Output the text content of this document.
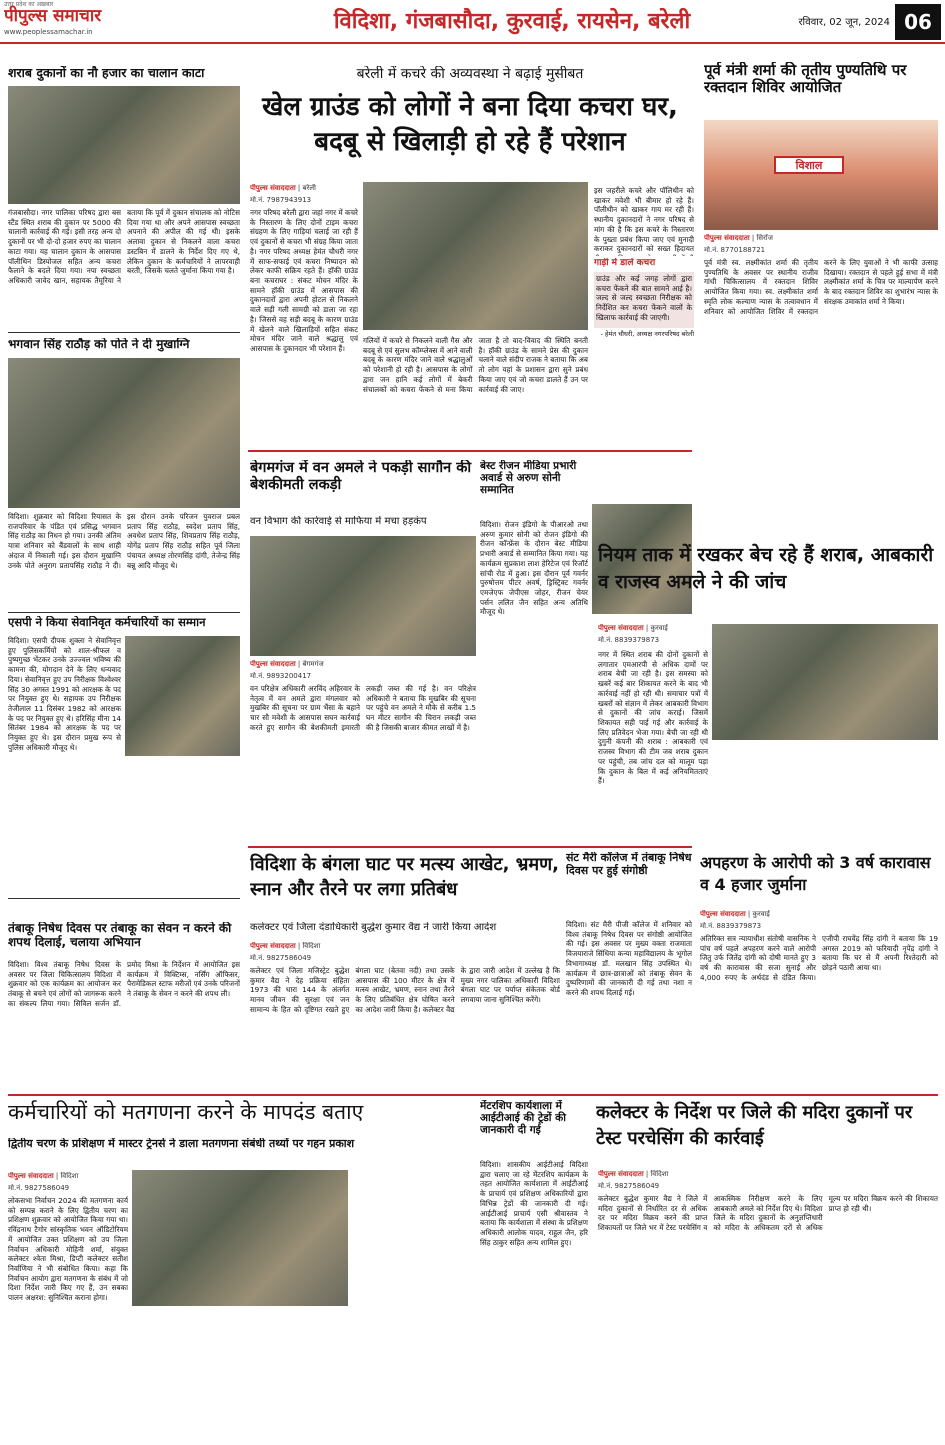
उत्तर प्रदेश का अख़बार
पीपुल्स समाचार
www.peoplessamachar.in	विदिशा, गंजबासौदा, कुरवाई, रायसेन, बरेली	रविवार, 02 जून, 2024 06
शराब दुकानों का नौ हजार का चालान काटा
गंजबासौदा। नगर पालिका परिषद द्वारा बस स्टैंड स्थित शराब की दुकान पर 5000 की चालानी कार्रवाई की गई। इसी तरह अन्य दो दुकानों पर भी दो-दो हजार रुपए का चालान काटा गया। यह चालान दुकान के आसपास पॉलीथिन डिस्पोजल सहित अन्य कचरा फैलाने के बदले दिया गया। नपा स्वच्छता अधिकारी जावेद खान, सहायक तैमूरिया ने बताया कि पूर्व में दुकान संचालक को नोटिस दिया गया था और अपने आसपास स्वच्छता अपनाने की अपील की गई थी। इसके अलावा दुकान से निकलने वाला कचरा डस्टबिन में डालने के निर्देश दिए गए थे, लेकिन दुकान के कर्मचारियों ने लापरवाही बरती, जिसके चलते जुर्माना किया गया है।
बरेली में कचरे की अव्यवस्था ने बढ़ाई मुसीबत
खेल ग्राउंड को लोगों ने बना दिया कचरा घर, बदबू से खिलाड़ी हो रहे हैं परेशान
पीपुल्स संवाददाता | बरेली
मो.नं. 7987943913
नगर परिषद बरेली द्वारा जहां नगर में कचरे के निस्तारण के लिए दोनों टाइम कचरा संग्रहण के लिए गाड़ियां चलाई जा रही हैं एवं दुकानों से कचरा भी संग्रह किया जाता है। नगर परिषद अध्यक्ष हेमंत चौधरी नगर में साफ-सफाई एवं कचरा निष्पादन को लेकर काफी सक्रिय रहते हैं। हॉकी ग्राउंड बना कचराघर : संकट मोचन मंदिर के सामने हॉकी ग्राउंड में आसपास की दुकानदारों द्वारा अपनी होटल से निकलने वाले सड़ी गली सामग्री को डाला जा रहा है। जिससे वह सड़ी बदबू के कारण ग्राउंड में खेलने वाले खिलाड़ियों सहित संकट मोचन मंदिर जाने वाले श्रद्धालु एवं आसपास के दुकानदार भी परेशान हैं।
गलियों में कचरे से निकलने वाली गैस और बदबू से एवं सुलभ कॉम्प्लेक्स में आने वाली बदबू के कारण मंदिर जाने वाले श्रद्धालुओं को परेशानी हो रही है। आसपास के लोगों द्वारा जन हानि कई लोगों में बेकरी संचालकों को कचरा फेंकने से मना किया जाता है तो वाद-विवाद की स्थिति बनती है। हॉकी ग्राउंड के सामने प्रेस की दुकान चलाने वाले संदीप राजक ने बताया कि अब तो लोग यहां के प्रशासन द्वारा सुने प्रबंध किया जाए एवं जो कचरा डालते हैं उन पर कार्रवाई की जाए।
इस जहरीले कचरे और पॉलिथीन को खाकर मवेशी भी बीमार हो रहे हैं। पॉलीथीन को खाकर गाय मर रही हैं। स्थानीय दुकानदारों ने नगर परिषद से मांग की है कि इस कचरे के निस्तारण के पुख्ता प्रबंध किया जाए एवं मुनादी कराकर दुकानदारों को सख्त हिदायत
गाड़ी में डालें कचरा
ग्राउंड और कई जगह लोगों द्वारा कचरा फेंकने की बात सामने आई है। जल्द से जल्द स्वच्छता निरीक्षक को निर्देशित कर कचरा फेंकने वालों के खिलाफ कार्रवाई की जाएगी।
- हेमंत चौधरी, अध्यक्ष नगरपरिषद बरेली
पूर्व मंत्री शर्मा की तृतीय पुण्यतिथि पर रक्तदान शिविर आयोजित
विशाल
पीपुल्स संवाददाता | सिरोंज
मो.नं. 8770188721
पूर्व मंत्री स्व. लक्ष्मीकांत शर्मा की तृतीय पुण्यतिथि के अवसर पर स्थानीय राजीव गांधी चिकित्सालय में रक्तदान शिविर आयोजित किया गया। स्व. लक्ष्मीकांत शर्मा स्मृति लोक कल्याण न्यास के तत्वावधान में शनिवार को आयोजित शिविर में रक्तदान करने के लिए युवाओं ने भी काफी उत्साह दिखाया। रक्तदान से पहले हुई सभा में मंत्री लक्ष्मीकांत शर्मा के चित्र पर माल्यार्पण करने के बाद रक्तदान शिविर का शुभारंभ न्यास के संरक्षक उमाकांत शर्मा ने किया।
भगवान सिंह राठौड़ को पोते ने दी मुखाग्नि
विदिशा। शुक्रवार को विदिशा रियासत के राजपरिवार के पंडित एवं प्रसिद्ध भगवान सिंह राठौड़ का निधन हो गया। उनकी अंतिम यात्रा शनिवार को बैंडवालों के साथ शाही अंदाज में निकाली गई। इस दौरान मुखाग्नि उनके पोते अनुराग प्रतापसिंह राठौड़ ने दी। इस दौरान उनके परिजन युवराज प्रबल प्रताप सिंह राठौड़, स्वदेश प्रताप सिंह, अवधेश प्रताप सिंह, शिवप्रताप सिंह राठौड़, योगेंद्र प्रताप सिंह राठौड़ सहित पूर्व जिला पंचायत अध्यक्ष तोरणसिंह दांगी, तेजेन्द्र सिंह बन्नू आदि मौजूद थे।
एसपी ने किया सेवानिवृत कर्मचारियों का सम्मान
विदिशा। एसपी दीपक शुक्ला ने सेवानिवृत्त हुए पुलिसकर्मियों को शाल-श्रीफल व पुष्पगुच्छ भेंटकर उनके उज्ज्वल भविष्य की कामना की, योगदान देने के लिए धन्यवाद दिया। सेवानिवृत्त हुए उप निरीक्षक विश्वेश्वर सिंह 30 अगस्त 1991 को आरक्षक के पद पर नियुक्त हुए थे। सहायक उप निरीक्षक तेजीलाल 11 दिसंबर 1982 को आरक्षक के पद पर नियुक्त हुए थे। हरिसिंह मीना 14 सितंबर 1984 को आरक्षक के पद पर नियुक्त हुए थे। इस दौरान प्रमुख रूप से पुलिस अधिकारी मौजूद थे।
तंबाकू निषेध दिवस पर तंबाकू का सेवन न करने की शपथ दिलाई, चलाया अभियान
विदिशा। विश्व तंबाकू निषेध दिवस के अवसर पर जिला चिकित्सालय विदिशा में शुक्रवार को एक कार्यक्रम का आयोजन कर तंबाकू से बचने एवं लोगों को जागरूक करने का संकल्प लिया गया। सिविल सर्जन डॉ. प्रमोद मिश्रा के निर्देशन में आयोजित इस कार्यक्रम में विक्टिम्स, नर्सिंग ऑफिसर, पैरामेडिकल स्टाफ मरीजों एवं उनके परिजनों ने तंबाकू के सेवन न करने की शपथ ली।
बेगमगंज में वन अमले ने पकड़ी सागौन की बेशकीमती लकड़ी
वन विभाग की कार्रवाई से माफिया में मचा हड़कंप
पीपुल्स संवाददाता | बेगमगंज
मो.नं. 9893200417
वन परिक्षेत्र अधिकारी अरविंद अहिरवार के नेतृत्व में वन अमले द्वारा मंगलवार को मुखबिर की सूचना पर ग्राम भैंसा के बहाने चार सौ मवेशी के आसपास सघन कार्रवाई करते हुए सागौन की बेशकीमती इमारती लकड़ी जब्त की गई है। वन परिक्षेत्र अधिकारी ने बताया कि मुखबिर की सूचना पर पहुंचे वन अमले ने मौके से करीब 1.5 घन मीटर सागौन की चिरान लकड़ी जब्त की है जिसकी बाजार कीमत लाखों में है।
बेस्ट रीजन मीडिया प्रभारी अवार्ड से अरुण सोनी सम्मानित
विदिशा। रोजन इंडिगो के पीआरओ तथा अरुण कुमार सोनी को रोजन इंडिगो की रीजन कॉन्फ्रेंस के दौरान बेस्ट मीडिया प्रभारी अवार्ड से सम्मानित किया गया। यह कार्यक्रम सुप्रकाश लाश हेरिटेज एवं रिजॉर्ट सांची रोड में हुआ। इस दौरान पूर्व गवर्नर पुरुषोत्तम पीटर अवर्ष, ड्रिस्ट्रिक्ट गवर्नर एमजेएफ जेपीएस जोहर, रीजन चेयर पर्सन ललित जैन सहित अन्य अतिथि मौजूद थे।
नियम ताक में रखकर बेच रहे हैं शराब, आबकारी व राजस्व अमले ने की जांच
पीपुल्स संवाददाता | कुरवाई
मो.नं. 8839379873
नगर में स्थित शराब की दोनों दुकानों से लगातार एमआरपी से अधिक दामों पर शराब बेची जा रही है। इस समस्या को खबरें कई बार शिकायत करने के बाद भी कार्रवाई नहीं हो रही थी। समाचार पत्रों में खबरों को संज्ञान में लेकर आबकारी विभाग से दुकानों की जांच कराई। जिसमें शिकायत सही पाई गई और कार्रवाई के लिए प्रतिवेदन भेजा गया। बेची जा रही थी दुगुनी कंपनी की शराब : आबकारी एवं राजस्व विभाग की टीम जब शराब दुकान पर पहुंची, तब जांच दल को मालूम पड़ा कि दुकान के बिल में कई अनियमितताएं हैं।
विदिशा के बंगला घाट पर मत्स्य आखेट, भ्रमण, स्नान और तैरने पर लगा प्रतिबंध
कलेक्टर एवं जिला दंडाधिकारी बुद्धेश कुमार वैद्य ने जारी किया आदेश
पीपुल्स संवाददाता | विदिशा
मो.नं. 9827586049
कलेक्टर एवं जिला मजिस्ट्रेट बुद्धेश कुमार वैद्य ने देह प्रक्रिया संहिता 1973 की धारा 144 के अंतर्गत मानव जीवन की सुरक्षा एवं जन सामान्य के हित को दृष्टिगत रखते हुए बंगला घाट (बेतवा नदी) तथा उसके आसपास की 100 मीटर के क्षेत्र में मत्स्य आखेट, भ्रमण, स्नान तथा तैरने के लिए प्रतिबंधित क्षेत्र घोषित करने का आदेश जारी किया है। कलेक्टर वैद्य के द्वारा जारी आदेश में उल्लेख है कि मुख्य नगर पालिका अधिकारी विदिशा बंगला घाट पर पर्याप्त संकेतक बोर्ड लगवाया जाना सुनिश्चित करेंगे।
संट मैरी कॉलेज में तंबाकू निषेध दिवस पर हुई संगोष्ठी
विदिशा। संट मैरी पीजी कॉलेज में शनिवार को विश्व तंबाकू निषेध दिवस पर संगोष्ठी आयोजित की गई। इस अवसर पर मुख्य वक्ता राजमाता विजयाराजे सिंधिया कन्या महाविद्यालय के भूगोल विभागाध्यक्ष डॉ. मलखान सिंह उपस्थित थे। कार्यक्रम में छात्र-छात्राओं को तंबाकू सेवन के दुष्परिणामों की जानकारी दी गई तथा नशा न करने की शपथ दिलाई गई।
अपहरण के आरोपी को 3 वर्ष कारावास व 4 हजार जुर्माना
पीपुल्स संवाददाता | कुरवाई
मो.नं. 8839379873
अतिरिक्त सत्र न्यायाधीश संतोषी वासनिक ने पांच वर्ष पहले अपहरण करने वाले आरोपी जितु उर्फ जितेंद्र दांगी को दोषी मानते हुए 3 वर्ष की कारावास की सजा सुनाई और 4,000 रुपए के अर्थदंड से दंडित किया। एजीपी राघवेंद्र सिंह दांगी ने बताया कि 19 अगस्त 2019 को फरियादी नृपेंद्र दांगी ने बताया कि घर से मैं अपनी रिश्तेदारी को छोड़ने पठारी आया था।
कर्मचारियों को मतगणना करने के मापदंड बताए
द्वितीय चरण के प्रशिक्षण में मास्टर ट्रेनर्स ने डाला मतगणना संबंधी तथ्यों पर गहन प्रकाश
पीपुल्स संवाददाता | विदिशा
मो.नं. 9827586049
लोकसभा निर्वाचन 2024 की मतगणना कार्य को सम्पन्न कराने के लिए द्वितीय चरण का प्रशिक्षण शुक्रवार को आयोजित किया गया था। रविंद्रनाथ टैगोर सांस्कृतिक भवन ऑडिटोरियम में आयोजित उक्त प्रशिक्षण को उप जिला निर्वाचन अधिकारी मोहिनी शर्मा, संयुक्त कलेक्टर श्वेता मिश्रा, डिप्टी कलेक्टर सतीश निर्वाणिया ने भी संबोधित किया। कहा कि निर्वाचन आयोग द्वारा मतगणना के संबंध में जो दिशा निर्देश जारी किए गए हैं, उन सबका पालन अक्षरश: सुनिश्चित कराना होगा।
मेंटरशिप कार्यशाला में आईटीआई की ट्रेडों की जानकारी दी गई
विदिशा। शासकीय आईटीआई विदिशा द्वारा चलाए जा रहे मेंटरशिप कार्यक्रम के तहत आयोजित कार्यशाला में आईटीआई के प्राचार्य एवं प्रशिक्षण अधिकारियों द्वारा विभिन्न ट्रेडों की जानकारी दी गई। आईटीआई प्राचार्य एसी श्रीवास्तव ने बताया कि कार्यशाला में संस्था के प्रशिक्षण अधिकारी आलोक यादव, राहुल जैन, हरि सिंह ठाकुर सहित अन्य शामिल हुए।
कलेक्टर के निर्देश पर जिले की मदिरा दुकानों पर टेस्ट परचेसिंग की कार्रवाई
पीपुल्स संवाददाता | विदिशा
मो.नं. 9827586049
कलेक्टर बुद्धेश कुमार वैद्य ने जिले में मदिरा दुकानों से निर्धारित दर से अधिक दर पर मदिरा विक्रय करने की प्राप्त शिकायतों पर जिले भर में टेस्ट परचेसिंग व आकस्मिक निरीक्षण करने के लिए आबकारी अमले को निर्देश दिए थे। विदिशा जिले के मदिरा दुकानों के अनुज्ञप्तिधारी को मदिरा के अधिकतम दरों से अधिक मूल्य पर मदिरा विक्रय करने की शिकायत प्राप्त हो रही थी।
